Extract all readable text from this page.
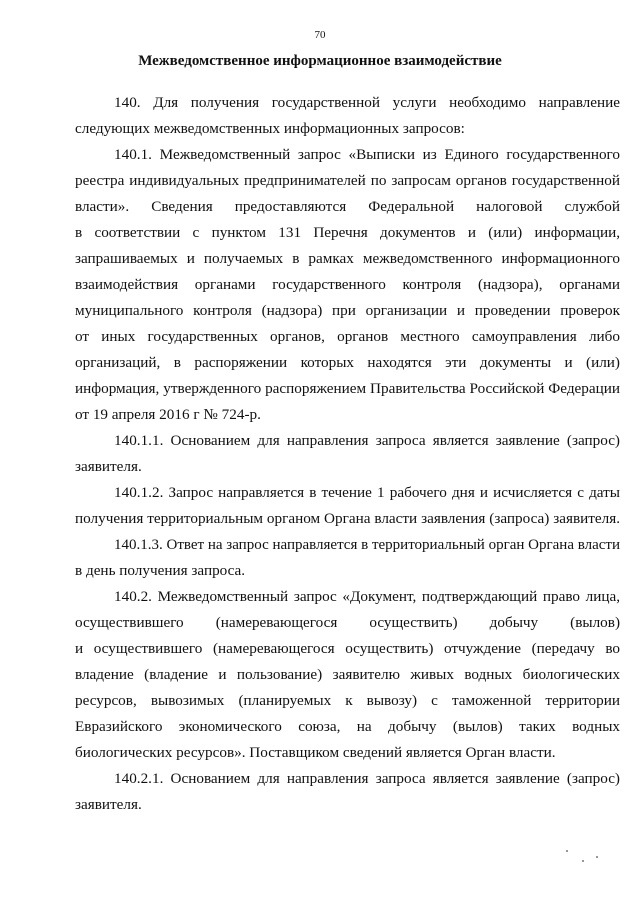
70
Межведомственное информационное взаимодействие
140. Для получения государственной услуги необходимо направление
следующих межведомственных информационных запросов:
140.1. Межведомственный запрос «Выписки из Единого государственного
реестра индивидуальных предпринимателей по запросам органов государственной
власти». Сведения предоставляются Федеральной налоговой службой
в соответствии с пунктом 131 Перечня документов и (или) информации,
запрашиваемых и получаемых в рамках межведомственного информационного
взаимодействия органами государственного контроля (надзора), органами
муниципального контроля (надзора) при организации и проведении проверок
от иных государственных органов, органов местного самоуправления либо
организаций, в распоряжении которых находятся эти документы и (или)
информация, утвержденного распоряжением Правительства Российской Федерации
от 19 апреля 2016 г № 724-р.
140.1.1. Основанием для направления запроса является заявление (запрос)
заявителя.
140.1.2. Запрос направляется в течение 1 рабочего дня и исчисляется с даты
получения территориальным органом Органа власти заявления (запроса) заявителя.
140.1.3. Ответ на запрос направляется в территориальный орган Органа власти
в день получения запроса.
140.2. Межведомственный запрос «Документ, подтверждающий право лица,
осуществившего (намеревающегося осуществить) добычу (вылов)
и осуществившего (намеревающегося осуществить) отчуждение (передачу во
владение (владение и пользование) заявителю живых водных биологических
ресурсов, вывозимых (планируемых к вывозу) с таможенной территории
Евразийского экономического союза, на добычу (вылов) таких водных
биологических ресурсов». Поставщиком сведений является Орган власти.
140.2.1. Основанием для направления запроса является заявление (запрос)
заявителя.
